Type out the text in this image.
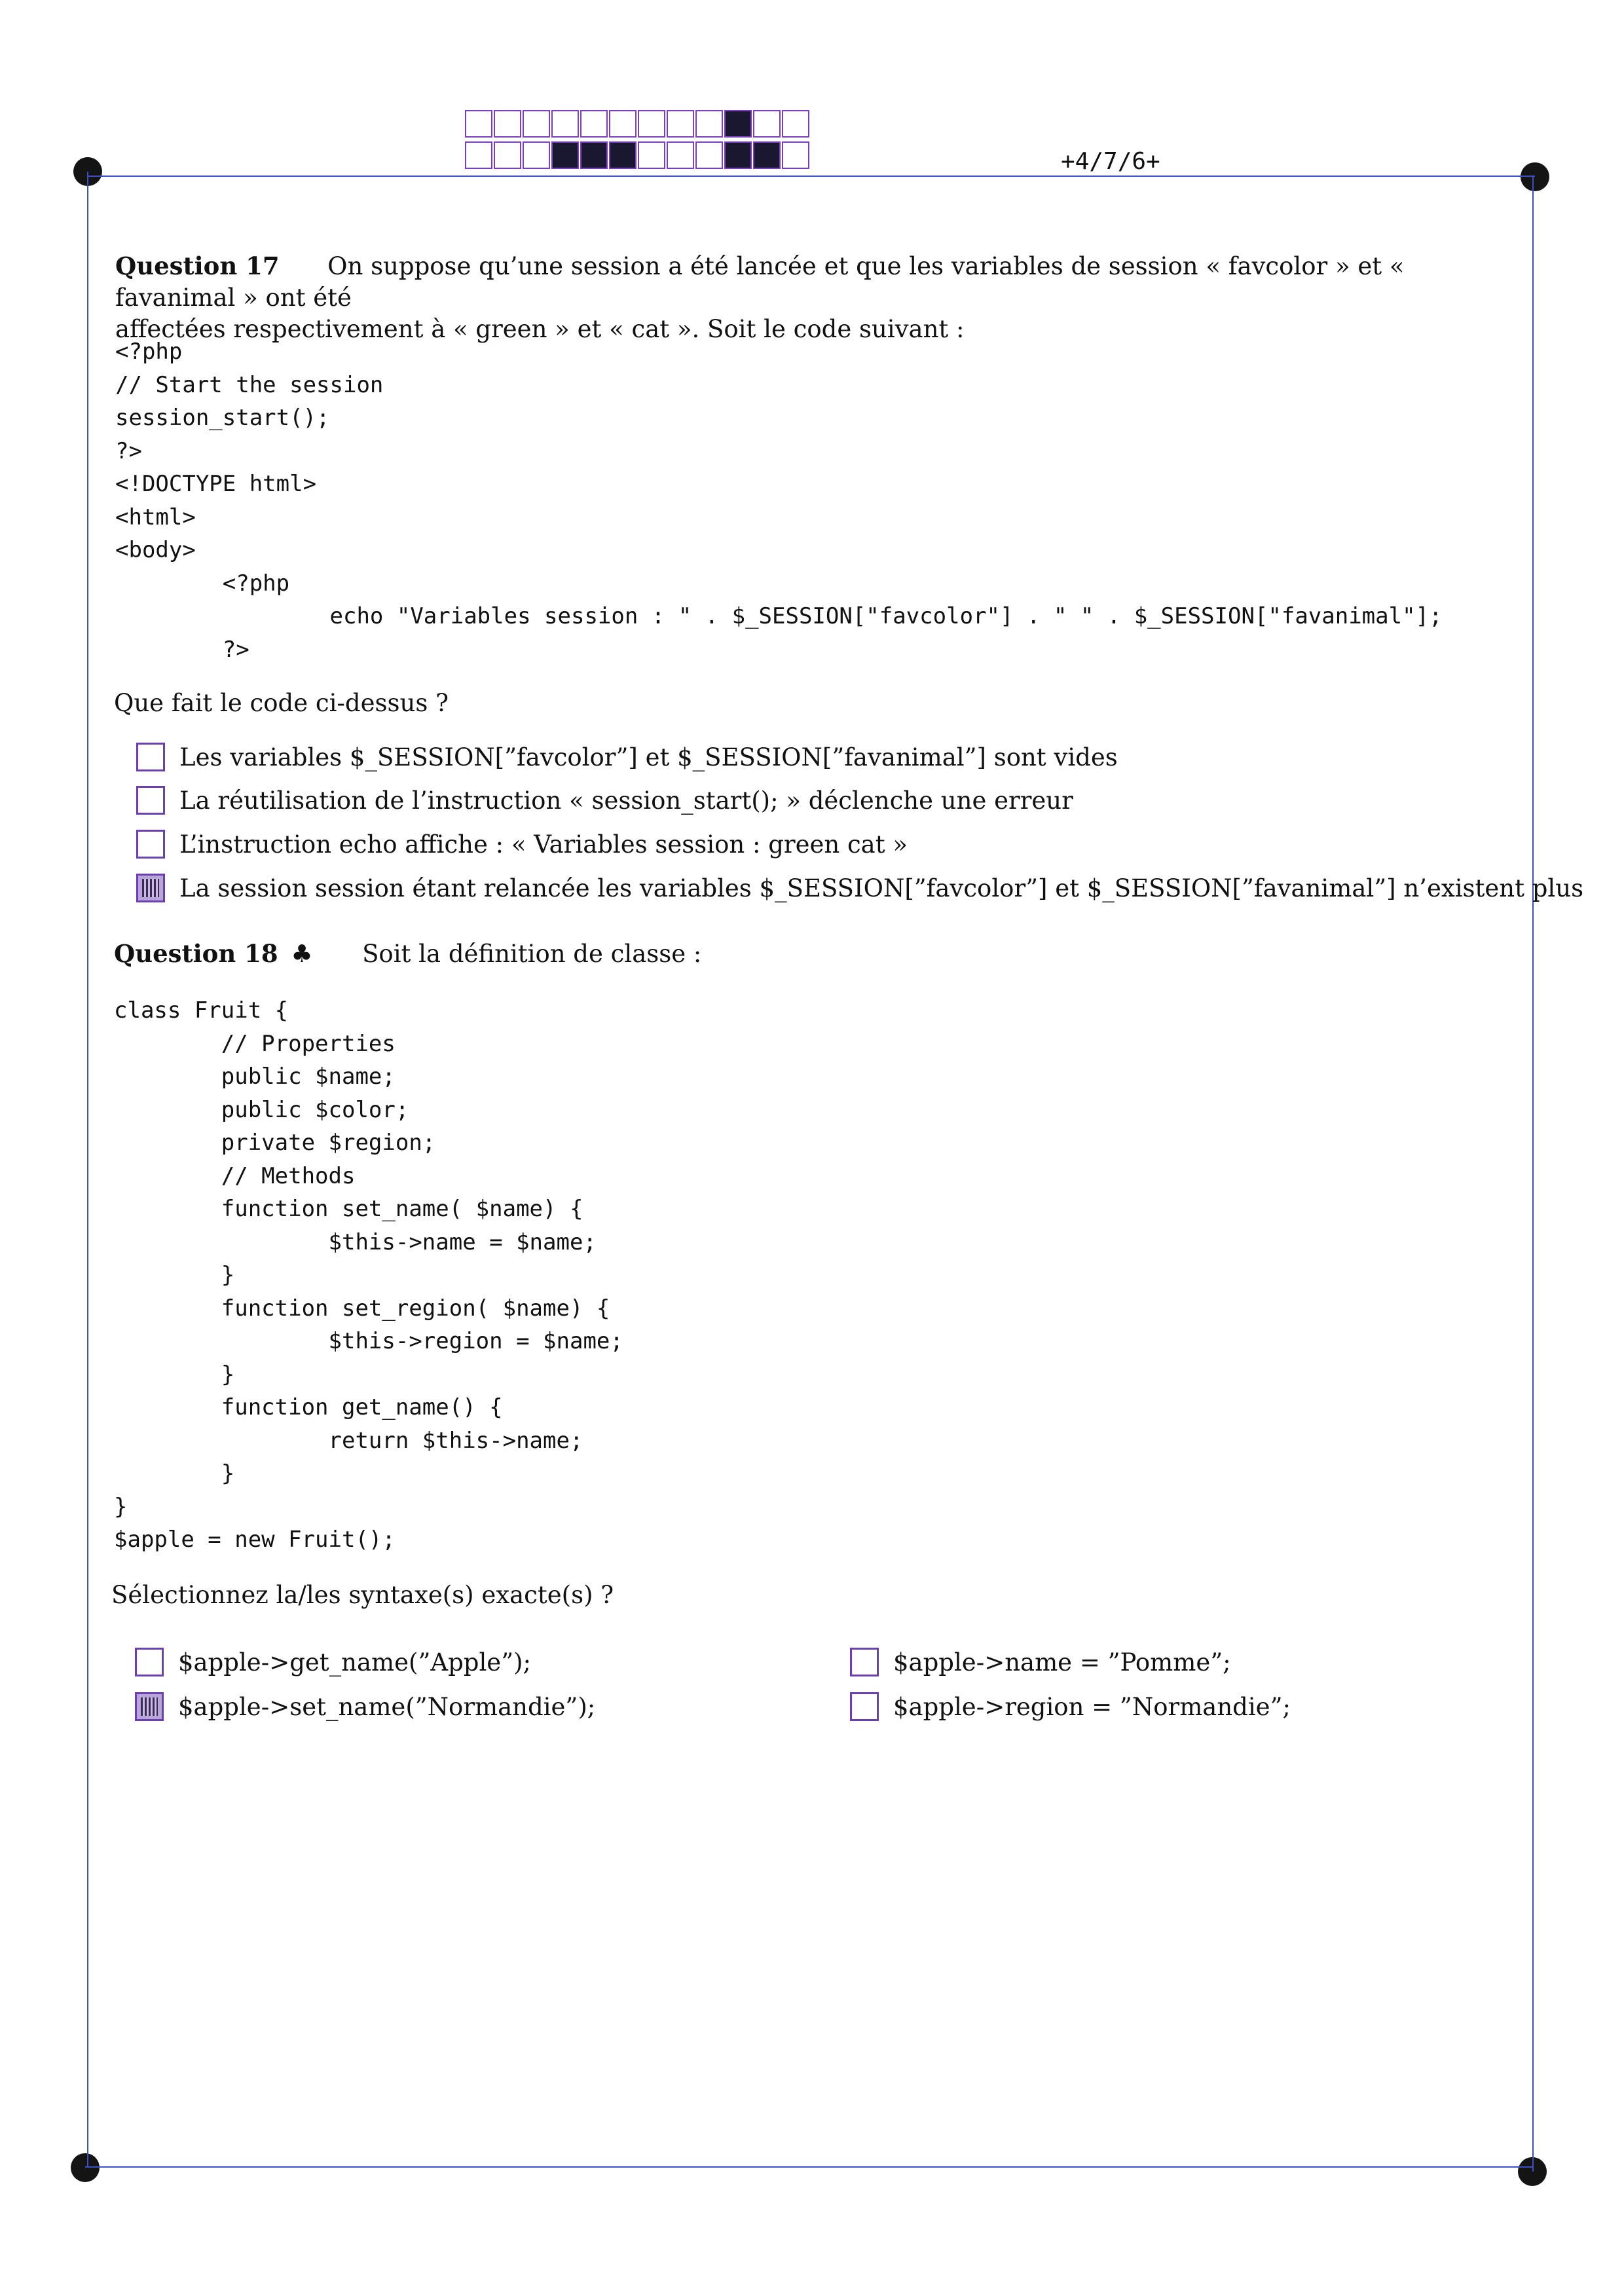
+4/7/6+
Question 17 On suppose qu’une session a été lancée et que les variables de session « favcolor » et « favanimal » ont été
affectées respectivement à « green » et « cat ». Soit le code suivant :
<?php
// Start the session
session_start();
?>
<!DOCTYPE html>
<html>
<body>
<?php
echo "Variables session : " . $_SESSION["favcolor"] . " " . $_SESSION["favanimal"];
?>
Que fait le code ci-dessus ?
Les variables $_SESSION[”favcolor”] et $_SESSION[”favanimal”] sont vides
La réutilisation de l’instruction « session_start(); » déclenche une erreur
L’instruction echo affiche : « Variables session : green cat »
La session session étant relancée les variables $_SESSION[”favcolor”] et $_SESSION[”favanimal”] n’existent plus
Question 18 ♣ Soit la définition de classe :
class Fruit {
// Properties
public $name;
public $color;
private $region;
// Methods
function set_name( $name) {
$this->name = $name;
}
function set_region( $name) {
$this->region = $name;
}
function get_name() {
return $this->name;
}
}
$apple = new Fruit();
Sélectionnez la/les syntaxe(s) exacte(s) ?
$apple->get_name(”Apple”);	$apple->name = ”Pomme”;
$apple->set_name(”Normandie”);	$apple->region = ”Normandie”;
